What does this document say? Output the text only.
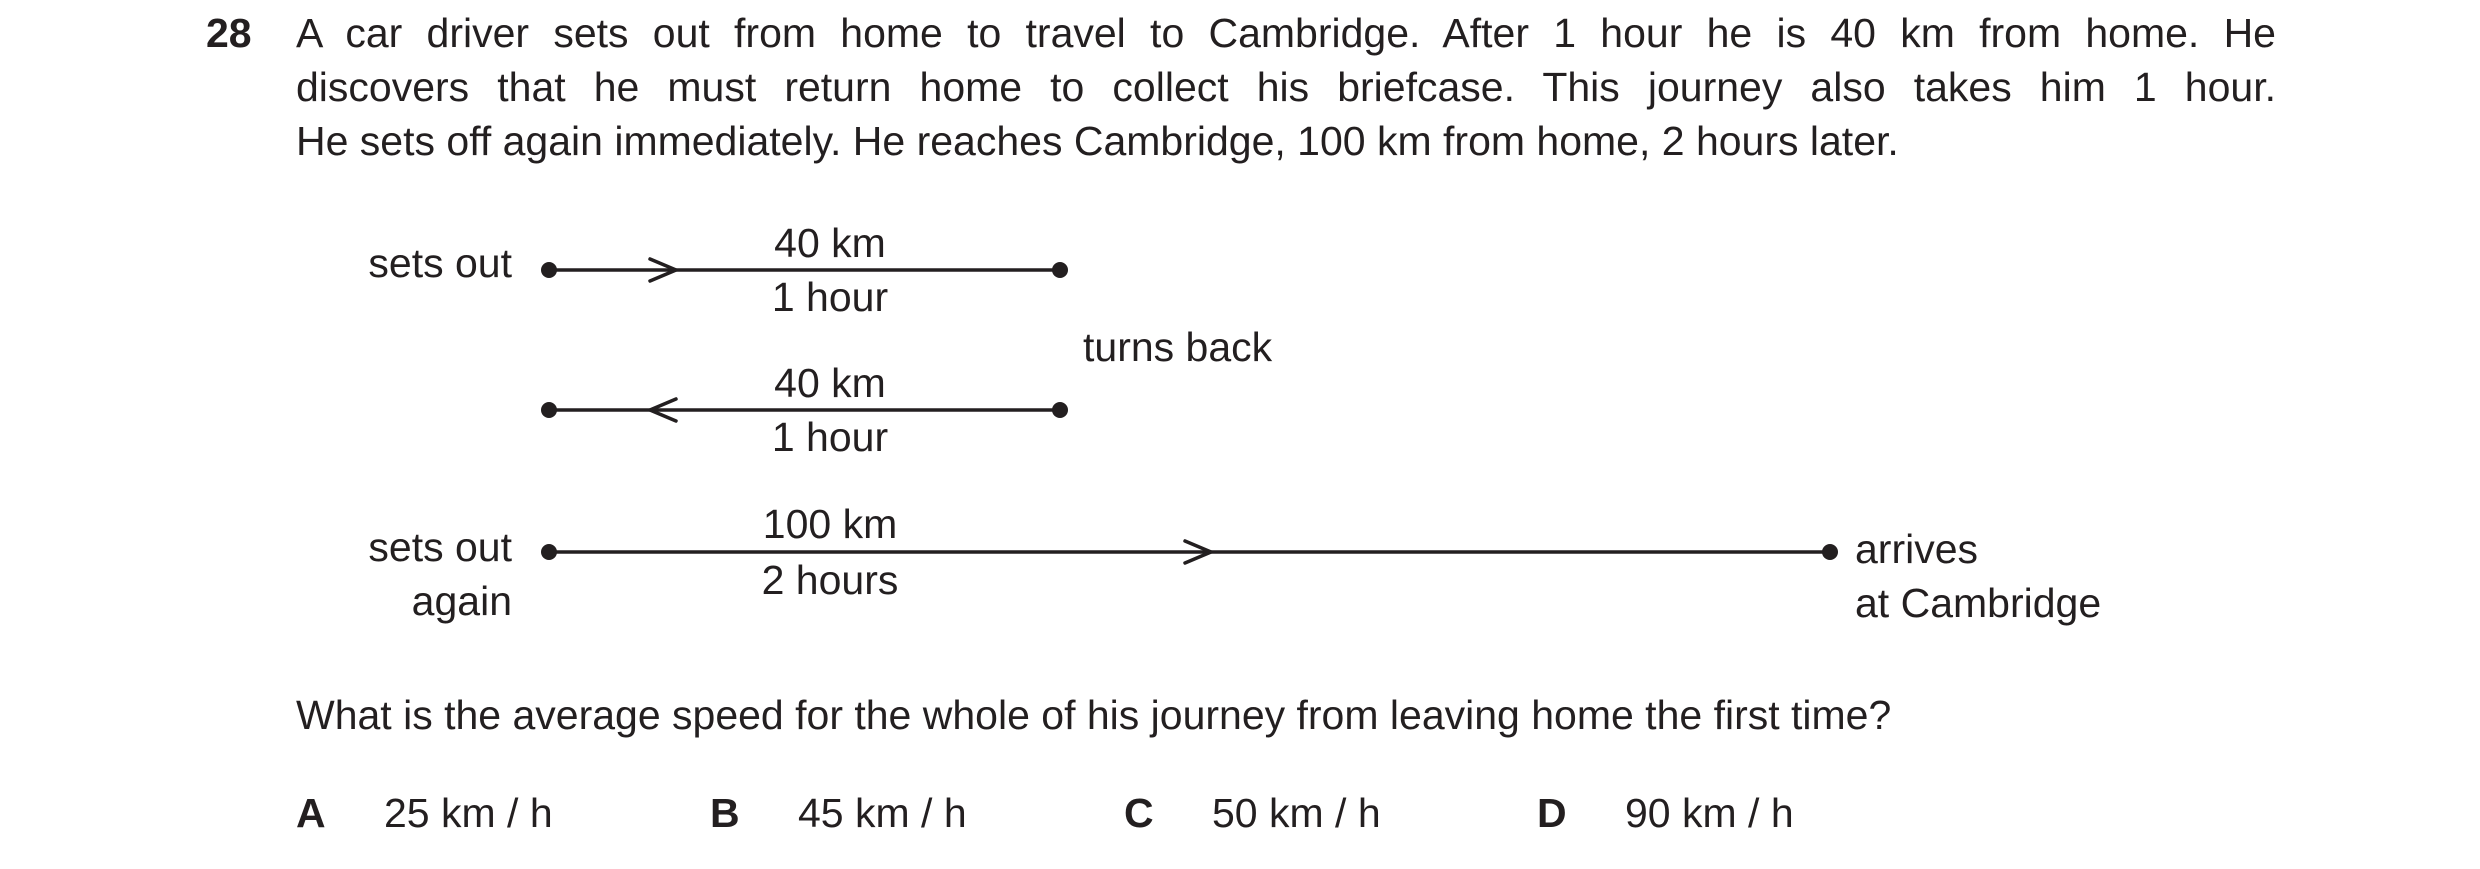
28 A car driver sets out from home to travel to Cambridge. After 1 hour he is 40 km from home. He
discovers that he must return home to collect his briefcase. This journey also takes him 1 hour.
He sets off again immediately. He reaches Cambridge, 100 km from home, 2 hours later.
sets out	40 km
1 hour
turns back
40 km
1 hour
sets out
again
100 km
2 hours
arrives
at Cambridge
What is the average speed for the whole of his journey from leaving home the first time?
A 25 km / h	B 45 km / h	C 50 km / h	D 90 km / h
